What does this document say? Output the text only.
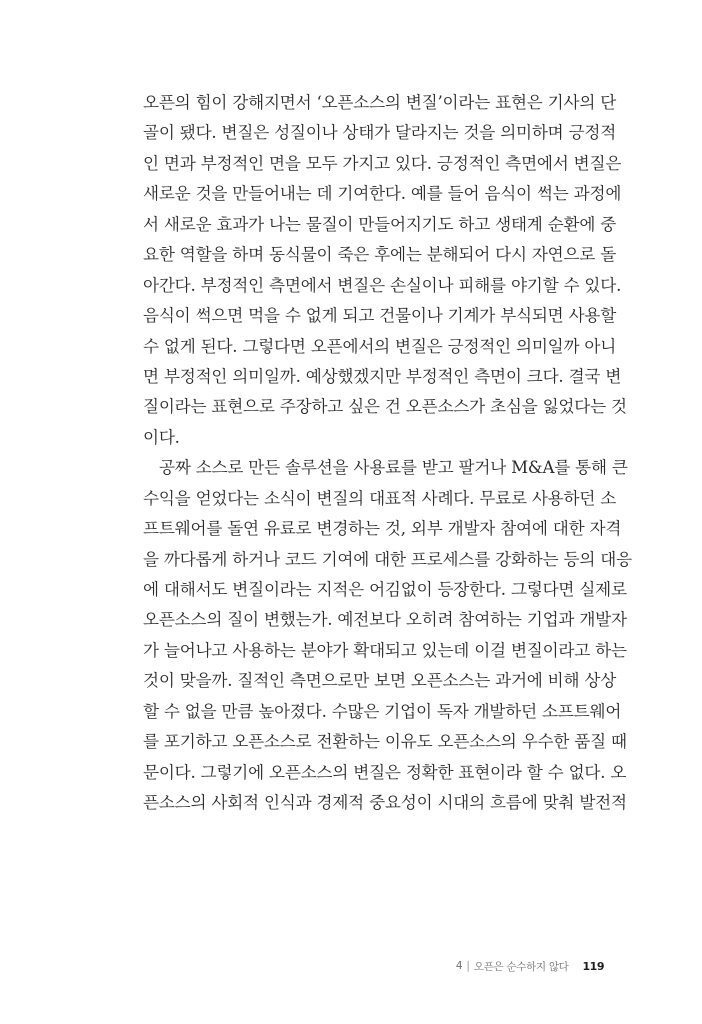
오픈의 힘이 강해지면서 ‘오픈소스의 변질’이라는 표현은 기사의 단
골이 됐다. 변질은 성질이나 상태가 달라지는 것을 의미하며 긍정적
인 면과 부정적인 면을 모두 가지고 있다. 긍정적인 측면에서 변질은
새로운 것을 만들어내는 데 기여한다. 예를 들어 음식이 썩는 과정에
서 새로운 효과가 나는 물질이 만들어지기도 하고 생태계 순환에 중
요한 역할을 하며 동식물이 죽은 후에는 분해되어 다시 자연으로 돌
아간다. 부정적인 측면에서 변질은 손실이나 피해를 야기할 수 있다.
음식이 썩으면 먹을 수 없게 되고 건물이나 기계가 부식되면 사용할
수 없게 된다. 그렇다면 오픈에서의 변질은 긍정적인 의미일까 아니
면 부정적인 의미일까. 예상했겠지만 부정적인 측면이 크다. 결국 변
질이라는 표현으로 주장하고 싶은 건 오픈소스가 초심을 잃었다는 것
이다.
공짜 소스로 만든 솔루션을 사용료를 받고 팔거나 M&A를 통해 큰
수익을 얻었다는 소식이 변질의 대표적 사례다. 무료로 사용하던 소
프트웨어를 돌연 유료로 변경하는 것, 외부 개발자 참여에 대한 자격
을 까다롭게 하거나 코드 기여에 대한 프로세스를 강화하는 등의 대응
에 대해서도 변질이라는 지적은 어김없이 등장한다. 그렇다면 실제로
오픈소스의 질이 변했는가. 예전보다 오히려 참여하는 기업과 개발자
가 늘어나고 사용하는 분야가 확대되고 있는데 이걸 변질이라고 하는
것이 맞을까. 질적인 측면으로만 보면 오픈소스는 과거에 비해 상상
할 수 없을 만큼 높아졌다. 수많은 기업이 독자 개발하던 소프트웨어
를 포기하고 오픈소스로 전환하는 이유도 오픈소스의 우수한 품질 때
문이다. 그렇기에 오픈소스의 변질은 정확한 표현이라 할 수 없다. 오
픈소스의 사회적 인식과 경제적 중요성이 시대의 흐름에 맞춰 발전적
4 | 오픈은 순수하지 않다 119
